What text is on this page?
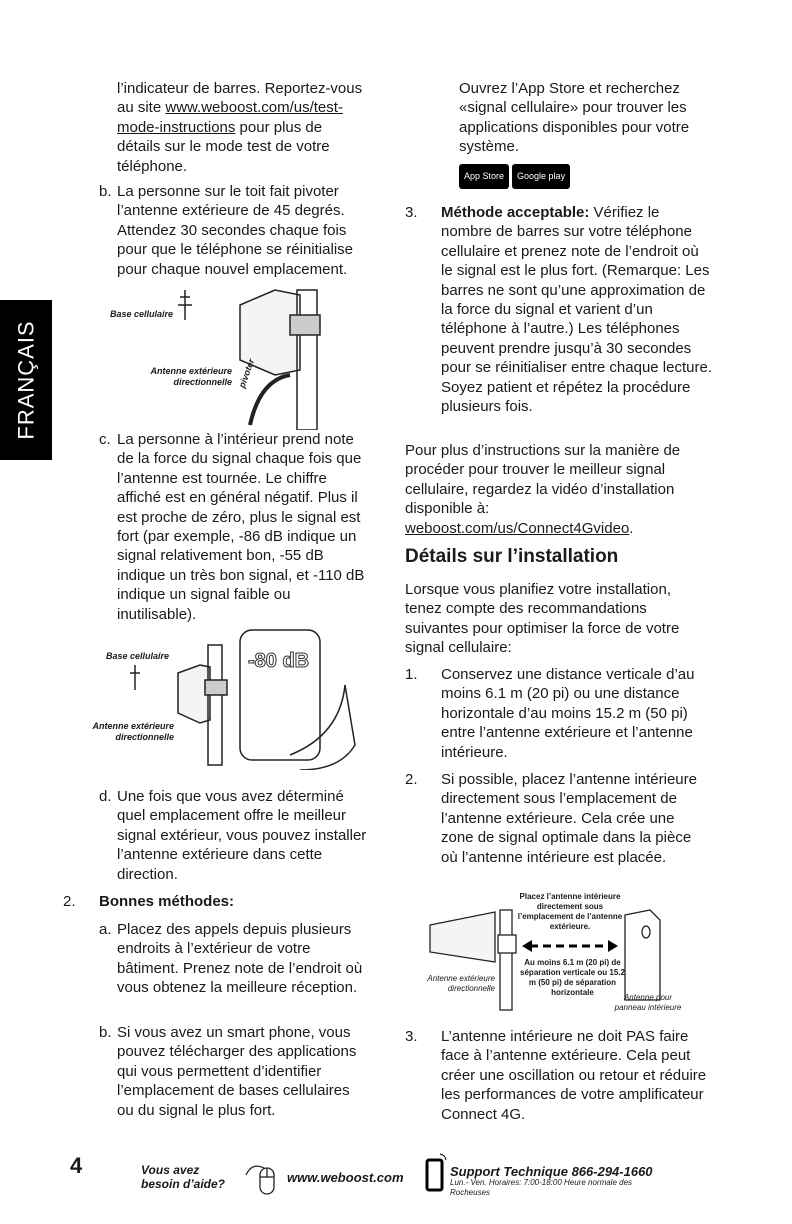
FRANÇAIS
l’indicateur de barres. Reportez-vous au site www.weboost.com/us/test-mode-instructions pour plus de détails sur le mode test de votre téléphone.
b. La personne sur le toit fait pivoter l’antenne extérieure de 45 degrés. Attendez 30 secondes chaque fois pour que le téléphone se réinitialise pour chaque nouvel emplacement.
Base cellulaire
Antenne extérieure directionnelle pivoter
c. La personne à l’intérieur prend note de la force du signal chaque fois que l’antenne est tournée. Le chiffre affiché est en général négatif. Plus il est proche de zéro, plus le signal est fort (par exemple, -86 dB indique un signal relativement bon, -55 dB indique un très bon signal, et -110 dB indique un signal faible ou inutilisable).
-80 dB
Base cellulaire
Antenne extérieure directionnelle
d. Une fois que vous avez déterminé quel emplacement offre le meilleur signal extérieur, vous pouvez installer l’antenne extérieure dans cette direction.
2. Bonnes méthodes:
a. Placez des appels depuis plusieurs endroits à l’extérieur de votre bâtiment. Prenez note de l’endroit où vous obtenez la meilleure réception.
b. Si vous avez un smart phone, vous pouvez télécharger des applications qui vous permettent d’identifier l’emplacement de bases cellulaires ou du signal le plus fort.
Ouvrez l’App Store et recherchez «signal cellulaire» pour trouver les applications disponibles pour votre système.
App Store Google play
3. Méthode acceptable: Vérifiez le nombre de barres sur votre téléphone cellulaire et prenez note de l’endroit où le signal est le plus fort. (Remarque: Les barres ne sont qu’une approximation de la force du signal et varient d’un téléphone à l’autre.) Les téléphones peuvent prendre jusqu’à 30 secondes pour se réinitialiser entre chaque lecture. Soyez patient et répétez la procédure plusieurs fois.
Pour plus d’instructions sur la manière de procéder pour trouver le meilleur signal cellulaire, regardez la vidéo d’installation disponible à: weboost.com/us/Connect4Gvideo.
Détails sur l’installation
Lorsque vous planifiez votre installation, tenez compte des recommandations suivantes pour optimiser la force de votre signal cellulaire:
1. Conservez une distance verticale d’au moins 6.1 m (20 pi) ou une distance horizontale d’au moins 15.2 m (50 pi) entre l’antenne extérieure et l’antenne intérieure.
2. Si possible, placez l’antenne intérieure directement sous l’emplacement de l’antenne extérieure. Cela crée une zone de signal optimale dans la pièce où l’antenne intérieure est placée.
Placez l’antenne intérieure directement sous l’emplacement de l’antenne extérieure.
Au moins 6.1 m (20 pi) de séparation verticale ou 15.2 m (50 pi) de séparation horizontale
Antenne extérieure directionnelle
Antenne pour panneau intérieure
3. L’antenne intérieure ne doit PAS faire face à l’antenne extérieure. Cela peut créer une oscillation ou retour et réduire les performances de votre amplificateur Connect 4G.
4	Vous avez besoin d’aide?	www.weboost.com	Support Technique 866-294-1660
Lun.- Ven. Horaires: 7:00-18:00 Heure normale des Rocheuses
